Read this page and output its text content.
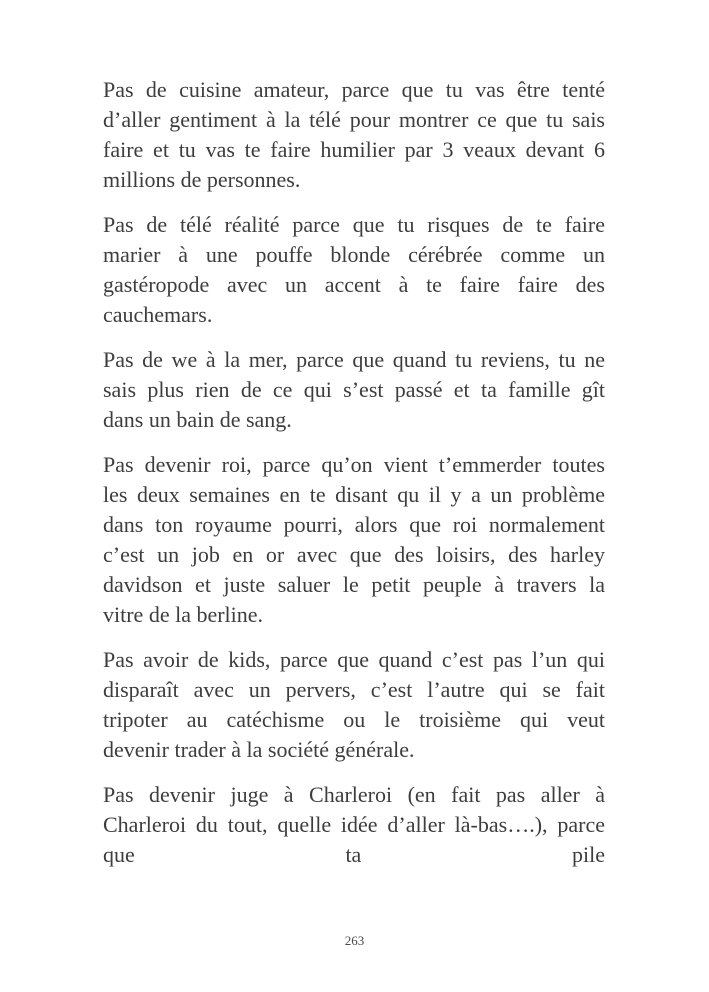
Pas de cuisine amateur, parce que tu vas être tenté
d’aller gentiment à la télé pour montrer ce que tu sais
faire et tu vas te faire humilier par 3 veaux devant 6
millions de personnes.
Pas de télé réalité parce que tu risques de te faire
marier à une pouffe blonde cérébrée comme un
gastéropode avec un accent à te faire faire des
cauchemars.
Pas de we à la mer, parce que quand tu reviens, tu ne
sais plus rien de ce qui s’est passé et ta famille gît
dans un bain de sang.
Pas devenir roi, parce qu’on vient t’emmerder toutes
les deux semaines en te disant qu il y a un problème
dans ton royaume pourri, alors que roi normalement
c’est un job en or avec que des loisirs, des harley
davidson et juste saluer le petit peuple à travers la
vitre de la berline.
Pas avoir de kids, parce que quand c’est pas l’un qui
disparaît avec un pervers, c’est l’autre qui se fait
tripoter au catéchisme ou le troisième qui veut
devenir trader à la société générale.
Pas devenir juge à Charleroi (en fait pas aller à
Charleroi du tout, quelle idée d’aller là-bas….), parce
que ta pile
263
